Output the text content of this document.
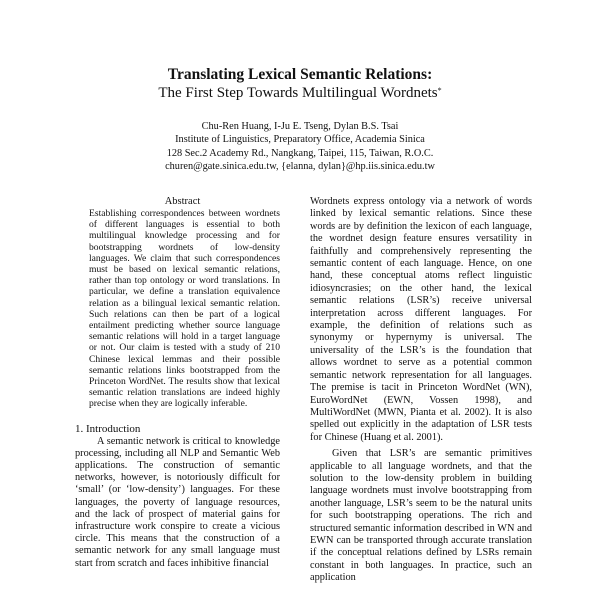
Translating Lexical Semantic Relations:
The First Step Towards Multilingual Wordnets*
Chu-Ren Huang, I-Ju E. Tseng, Dylan B.S. Tsai
Institute of Linguistics, Preparatory Office, Academia Sinica
128 Sec.2 Academy Rd., Nangkang, Taipei, 115, Taiwan, R.O.C.
churen@gate.sinica.edu.tw, {elanna, dylan}@hp.iis.sinica.edu.tw
Abstract

Establishing correspondences between wordnets of different languages is essential to both multilingual knowledge processing and for bootstrapping wordnets of low-density languages. We claim that such correspondences must be based on lexical semantic relations, rather than top ontology or word translations. In particular, we define a translation equivalence relation as a bilingual lexical semantic relation. Such relations can then be part of a logical entailment predicting whether source language semantic relations will hold in a target language or not. Our claim is tested with a study of 210 Chinese lexical lemmas and their possible semantic relations links bootstrapped from the Princeton WordNet. The results show that lexical semantic relation translations are indeed highly precise when they are logically inferable.

1. Introduction

A semantic network is critical to knowledge processing, including all NLP and Semantic Web applications. The construction of semantic networks, however, is notoriously difficult for ‘small’ (or ‘low-density’) languages. For these languages, the poverty of language resources, and the lack of prospect of material gains for infrastructure work conspire to create a vicious circle. This means that the construction of a semantic network for any small language must start from scratch and faces inhibitive financial

Wordnets express ontology via a network of words linked by lexical semantic relations. Since these words are by definition the lexicon of each language, the wordnet design feature ensures versatility in faithfully and comprehensively representing the semantic content of each language. Hence, on one hand, these conceptual atoms reflect linguistic idiosyncrasies; on the other hand, the lexical semantic relations (LSR’s) receive universal interpretation across different languages. For example, the definition of relations such as synonymy or hypernymy is universal. The universality of the LSR’s is the foundation that allows wordnet to serve as a potential common semantic network representation for all languages. The premise is tacit in Princeton WordNet (WN), EuroWordNet (EWN, Vossen 1998), and MultiWordNet (MWN, Pianta et al. 2002). It is also spelled out explicitly in the adaptation of LSR tests for Chinese (Huang et al. 2001).

Given that LSR’s are semantic primitives applicable to all language wordnets, and that the solution to the low-density problem in building language wordnets must involve bootstrapping from another language, LSR’s seem to be the natural units for such bootstrapping operations. The rich and structured semantic information described in WN and EWN can be transported through accurate translation if the conceptual relations defined by LSRs remain constant in both languages. In practice, such an application
